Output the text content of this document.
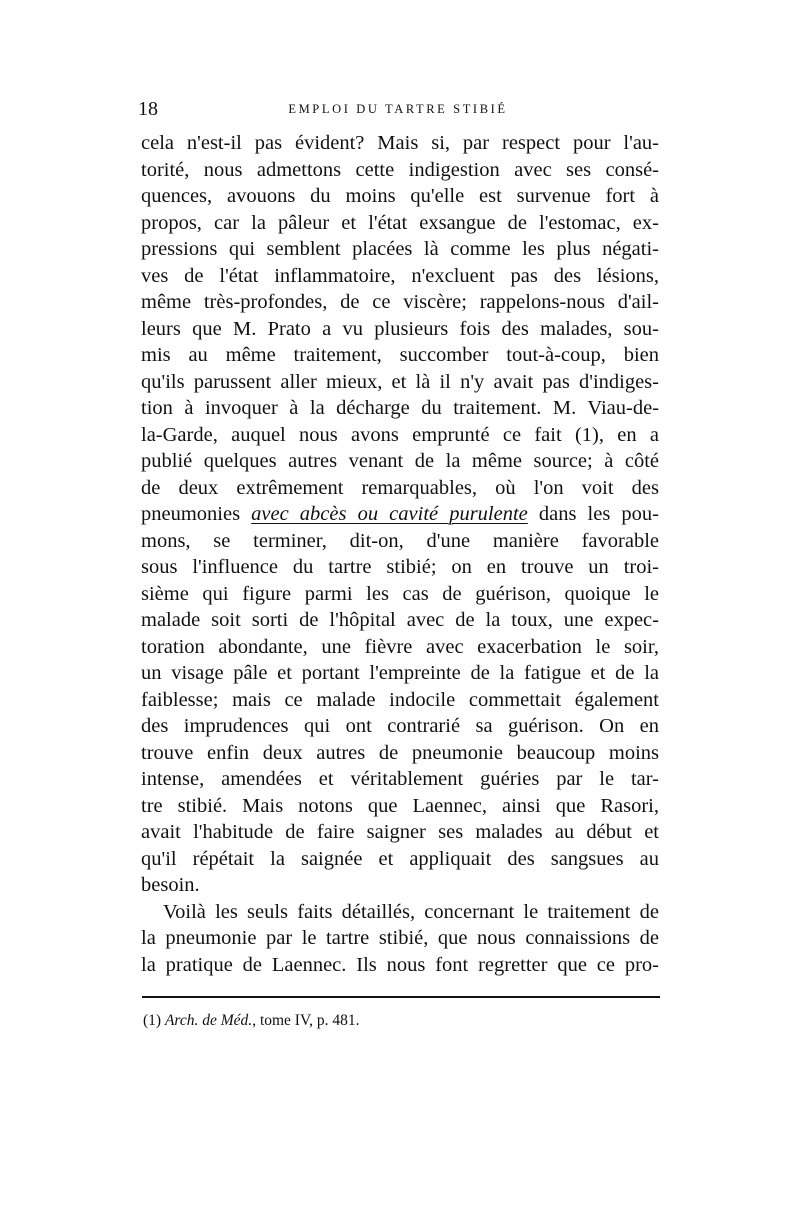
18	EMPLOI DU TARTRE STIBIÉ
cela n'est-il pas évident? Mais si, par respect pour l'au-
torité, nous admettons cette indigestion avec ses consé-
quences, avouons du moins qu'elle est survenue fort à
propos, car la pâleur et l'état exsangue de l'estomac, ex-
pressions qui semblent placées là comme les plus négati-
ves de l'état inflammatoire, n'excluent pas des lésions,
même très-profondes, de ce viscère; rappelons-nous d'ail-
leurs que M. Prato a vu plusieurs fois des malades, sou-
mis au même traitement, succomber tout-à-coup, bien
qu'ils parussent aller mieux, et là il n'y avait pas d'indiges-
tion à invoquer à la décharge du traitement. M. Viau-de-
la-Garde, auquel nous avons emprunté ce fait (1), en a
publié quelques autres venant de la même source; à côté
de deux extrêmement remarquables, où l'on voit des
pneumonies avec abcès ou cavité purulente dans les pou-
mons, se terminer, dit-on, d'une manière favorable
sous l'influence du tartre stibié; on en trouve un troi-
sième qui figure parmi les cas de guérison, quoique le
malade soit sorti de l'hôpital avec de la toux, une expec-
toration abondante, une fièvre avec exacerbation le soir,
un visage pâle et portant l'empreinte de la fatigue et de la
faiblesse; mais ce malade indocile commettait également
des imprudences qui ont contrarié sa guérison. On en
trouve enfin deux autres de pneumonie beaucoup moins
intense, amendées et véritablement guéries par le tar-
tre stibié. Mais notons que Laennec, ainsi que Rasori,
avait l'habitude de faire saigner ses malades au début et
qu'il répétait la saignée et appliquait des sangsues au
besoin.
Voilà les seuls faits détaillés, concernant le traitement de
la pneumonie par le tartre stibié, que nous connaissions de
la pratique de Laennec. Ils nous font regretter que ce pro-
(1) Arch. de Méd., tome IV, p. 481.
